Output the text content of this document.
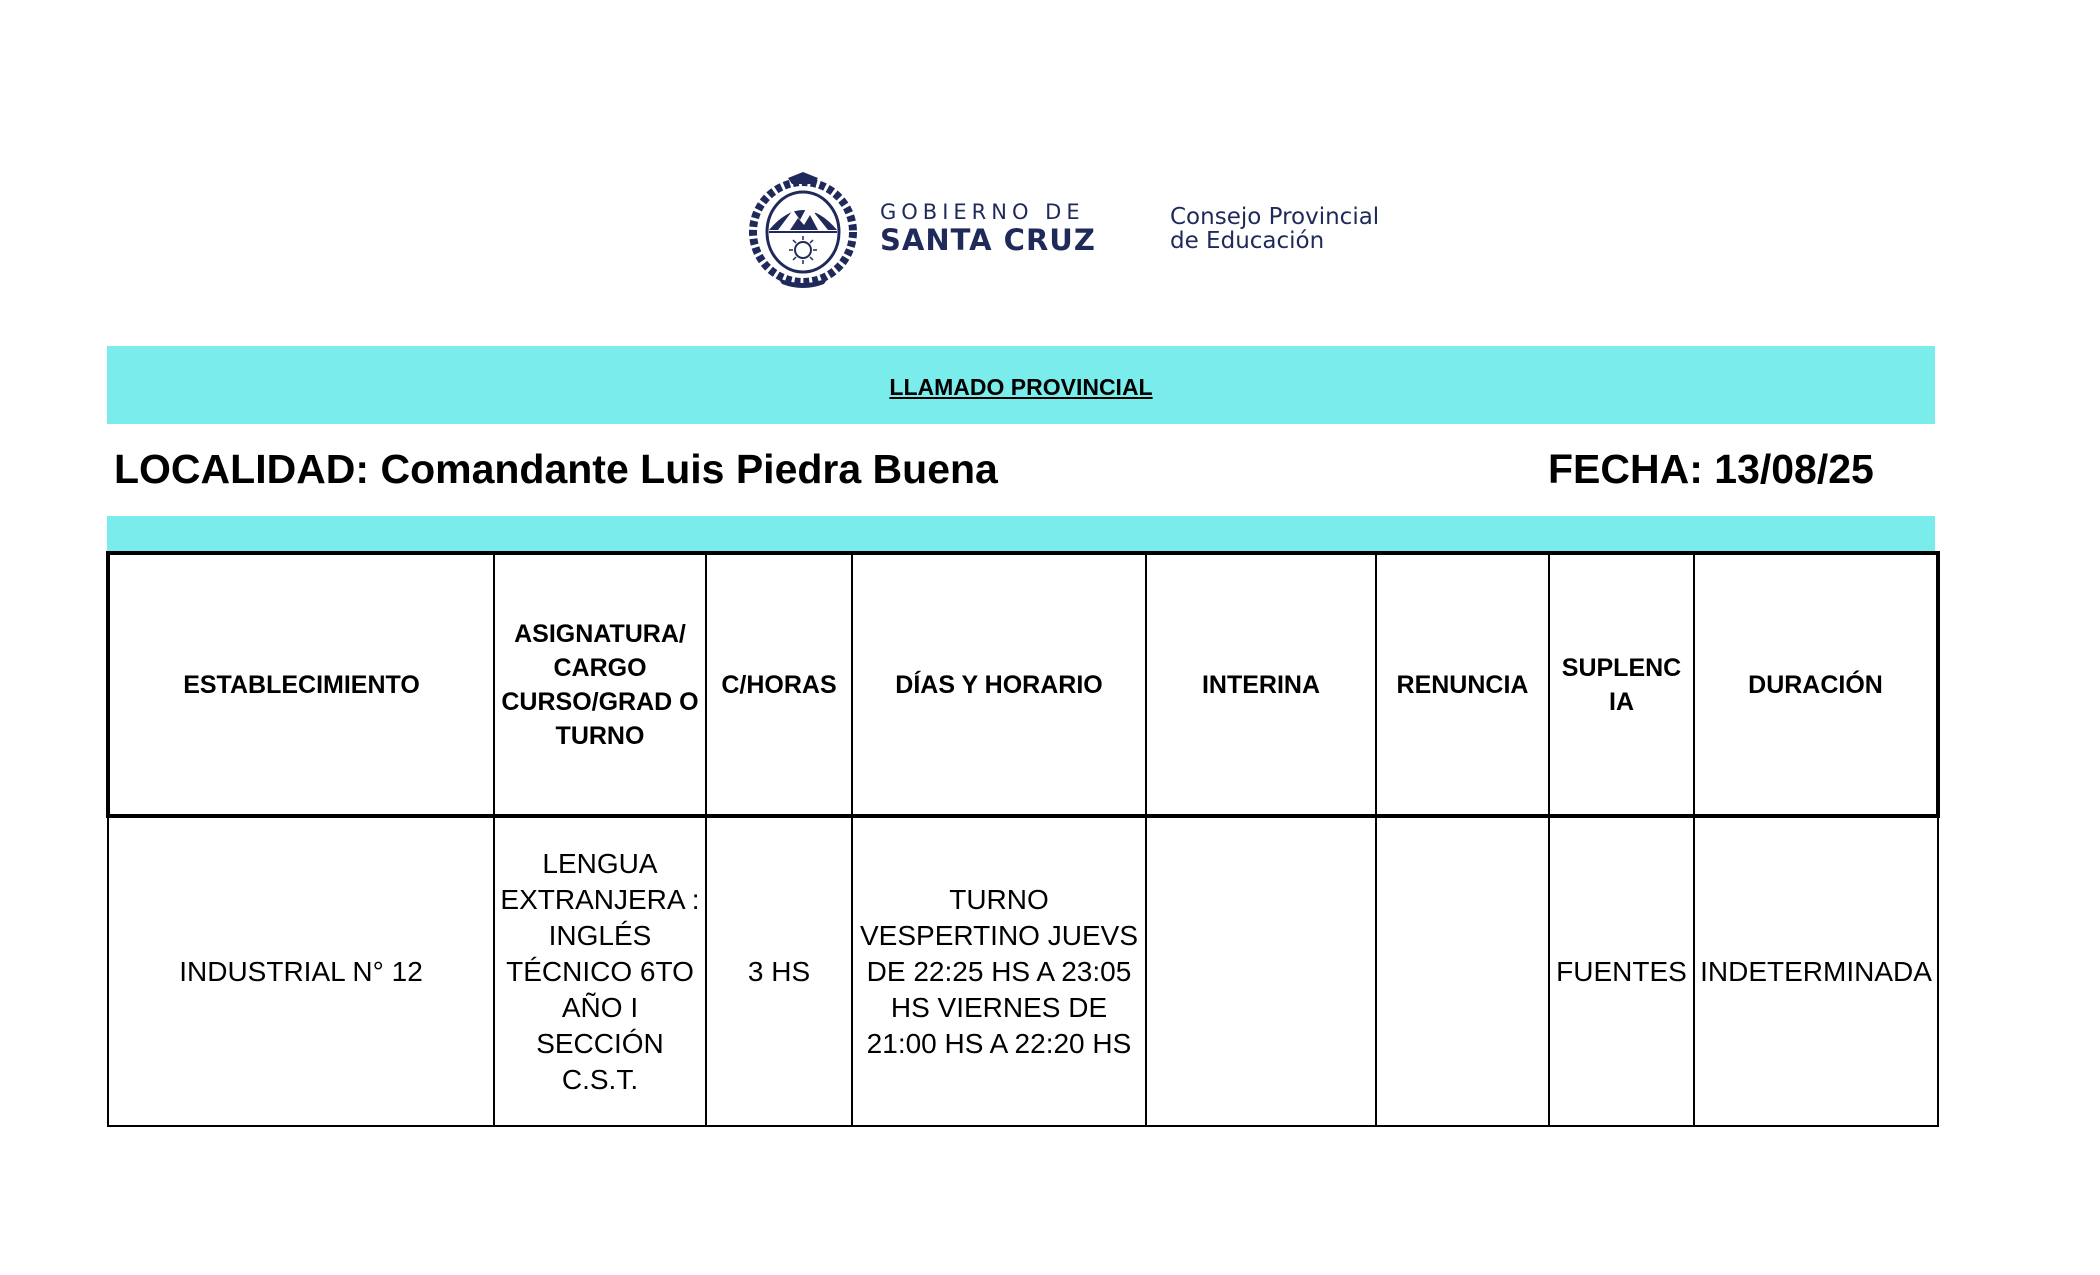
GOBIERNO DE
SANTA CRUZ
Consejo Provincial
de Educación
LLAMADO PROVINCIAL
LOCALIDAD: Comandante Luis Piedra Buena	FECHA: 13/08/25
ESTABLECIMIENTO	ASIGNATURA/ CARGO CURSO/GRAD O TURNO	C/HORAS	DÍAS Y HORARIO	INTERINA	RENUNCIA	SUPLENC IA	DURACIÓN
INDUSTRIAL N° 12	LENGUA EXTRANJERA : INGLÉS TÉCNICO 6TO AÑO I SECCIÓN C.S.T.	3 HS	TURNO VESPERTINO JUEVS DE 22:25 HS A 23:05 HS VIERNES DE 21:00 HS A 22:20 HS			FUENTES	INDETERMINADA
